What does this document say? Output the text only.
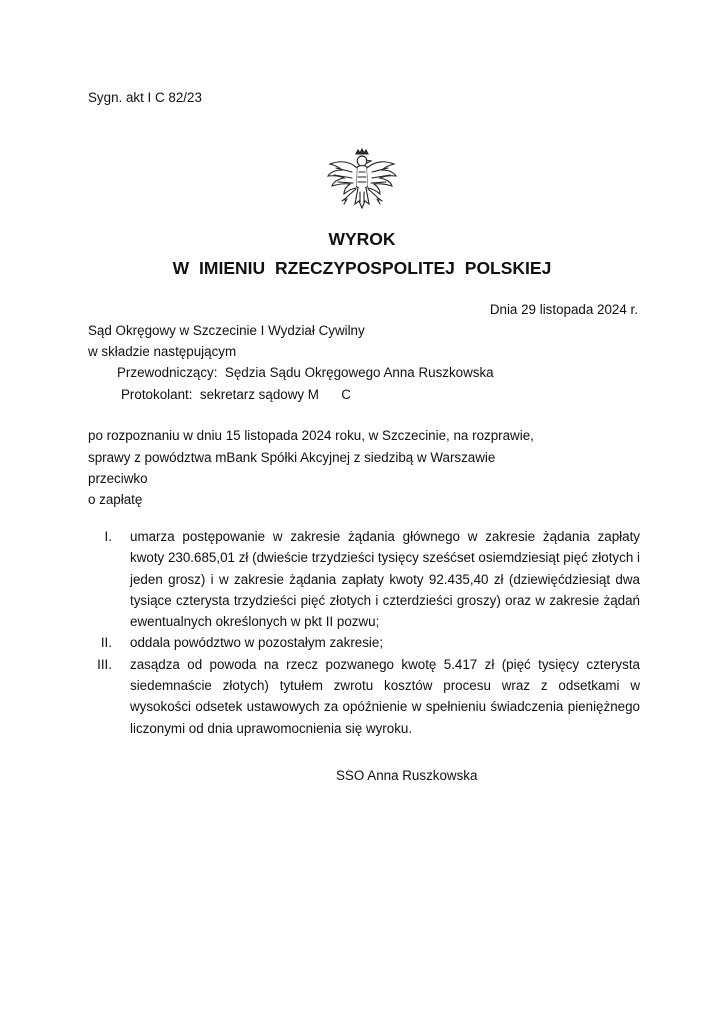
Sygn. akt I C 82/23
WYROK
W IMIENIU RZECZYPOSPOLITEJ POLSKIEJ
Dnia 29 listopada 2024 r.
Sąd Okręgowy w Szczecinie I Wydział Cywilny
w składzie następującym
Przewodniczący:  Sędzia Sądu Okręgowego Anna Ruszkowska
Protokolant:  sekretarz sądowy M      C
po rozpoznaniu w dniu 15 listopada 2024 roku, w Szczecinie, na rozprawie,
sprawy z powództwa mBank Spółki Akcyjnej z siedzibą w Warszawie
przeciwko
o zapłatę
I. umarza postępowanie w zakresie żądania głównego w zakresie żądania zapłaty kwoty 230.685,01 zł (dwieście trzydzieści tysięcy sześćset osiemdziesiąt pięć złotych i jeden grosz) i w zakresie żądania zapłaty kwoty 92.435,40 zł (dziewięćdziesiąt dwa tysiące czterysta trzydzieści pięć złotych i czterdzieści groszy) oraz w zakresie żądań ewentualnych określonych w pkt II pozwu;
II. oddala powództwo w pozostałym zakresie;
III. zasądza od powoda na rzecz pozwanego kwotę 5.417 zł (pięć tysięcy czterysta siedemnaście złotych) tytułem zwrotu kosztów procesu wraz z odsetkami w wysokości odsetek ustawowych za opóźnienie w spełnieniu świadczenia pieniężnego liczonymi od dnia uprawomocnienia się wyroku.
SSO Anna Ruszkowska
